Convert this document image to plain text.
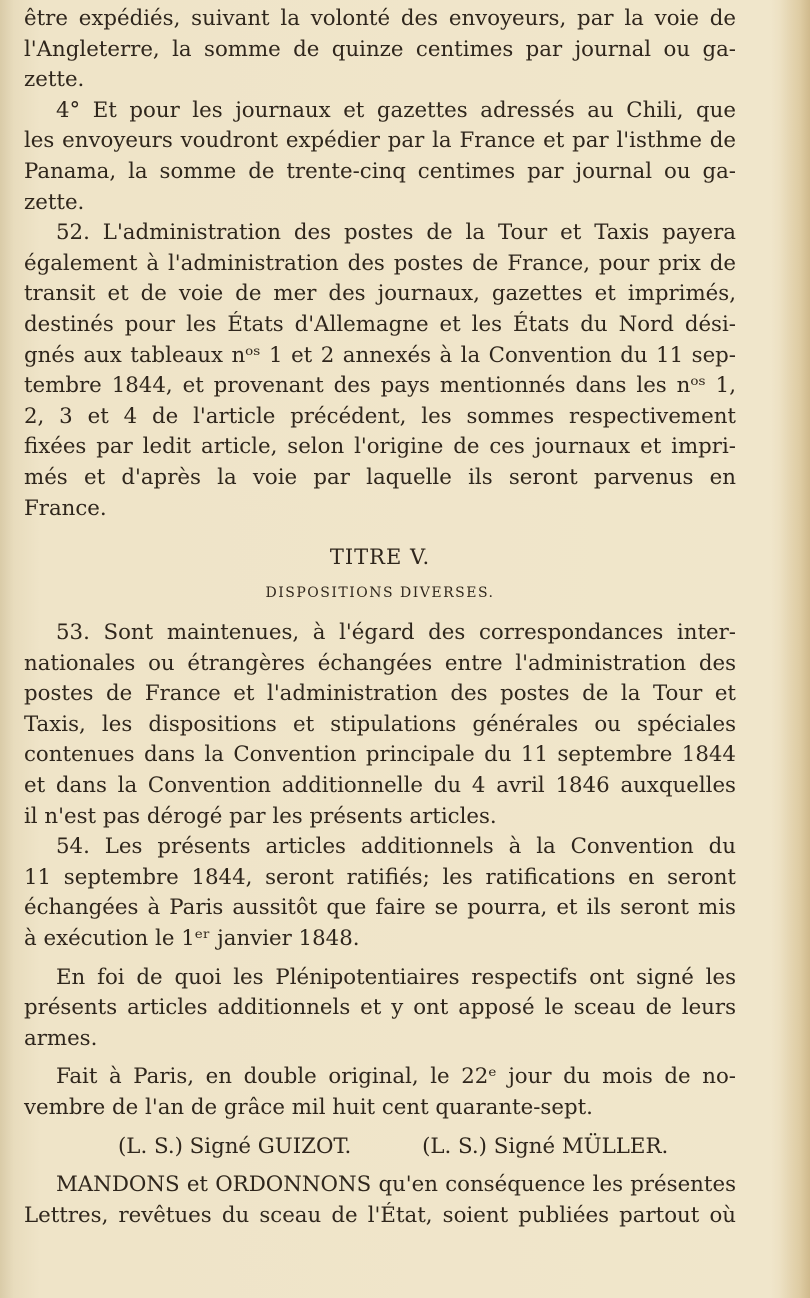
être expédiés, suivant la volonté des envoyeurs, par la voie de
l'Angleterre, la somme de quinze centimes par journal ou ga-
zette.
4° Et pour les journaux et gazettes adressés au Chili, que
les envoyeurs voudront expédier par la France et par l'isthme de
Panama, la somme de trente-cinq centimes par journal ou ga-
zette.
52. L'administration des postes de la Tour et Taxis payera
également à l'administration des postes de France, pour prix de
transit et de voie de mer des journaux, gazettes et imprimés,
destinés pour les États d'Allemagne et les États du Nord dési-
gnés aux tableaux nᵒˢ 1 et 2 annexés à la Convention du 11 sep-
tembre 1844, et provenant des pays mentionnés dans les nᵒˢ 1,
2, 3 et 4 de l'article précédent, les sommes respectivement
fixées par ledit article, selon l'origine de ces journaux et impri-
més et d'après la voie par laquelle ils seront parvenus en
France.
TITRE V.
DISPOSITIONS DIVERSES.
53. Sont maintenues, à l'égard des correspondances inter-
nationales ou étrangères échangées entre l'administration des
postes de France et l'administration des postes de la Tour et
Taxis, les dispositions et stipulations générales ou spéciales
contenues dans la Convention principale du 11 septembre 1844
et dans la Convention additionnelle du 4 avril 1846 auxquelles
il n'est pas dérogé par les présents articles.
54. Les présents articles additionnels à la Convention du
11 septembre 1844, seront ratifiés; les ratifications en seront
échangées à Paris aussitôt que faire se pourra, et ils seront mis
à exécution le 1ᵉʳ janvier 1848.
En foi de quoi les Plénipotentiaires respectifs ont signé les
présents articles additionnels et y ont apposé le sceau de leurs
armes.
Fait à Paris, en double original, le 22ᵉ jour du mois de no-
vembre de l'an de grâce mil huit cent quarante-sept.
(L. S.) Signé GUIZOT.	(L. S.) Signé MÜLLER.
MANDONS et ORDONNONS qu'en conséquence les présentes
Lettres, revêtues du sceau de l'État, soient publiées partout où
